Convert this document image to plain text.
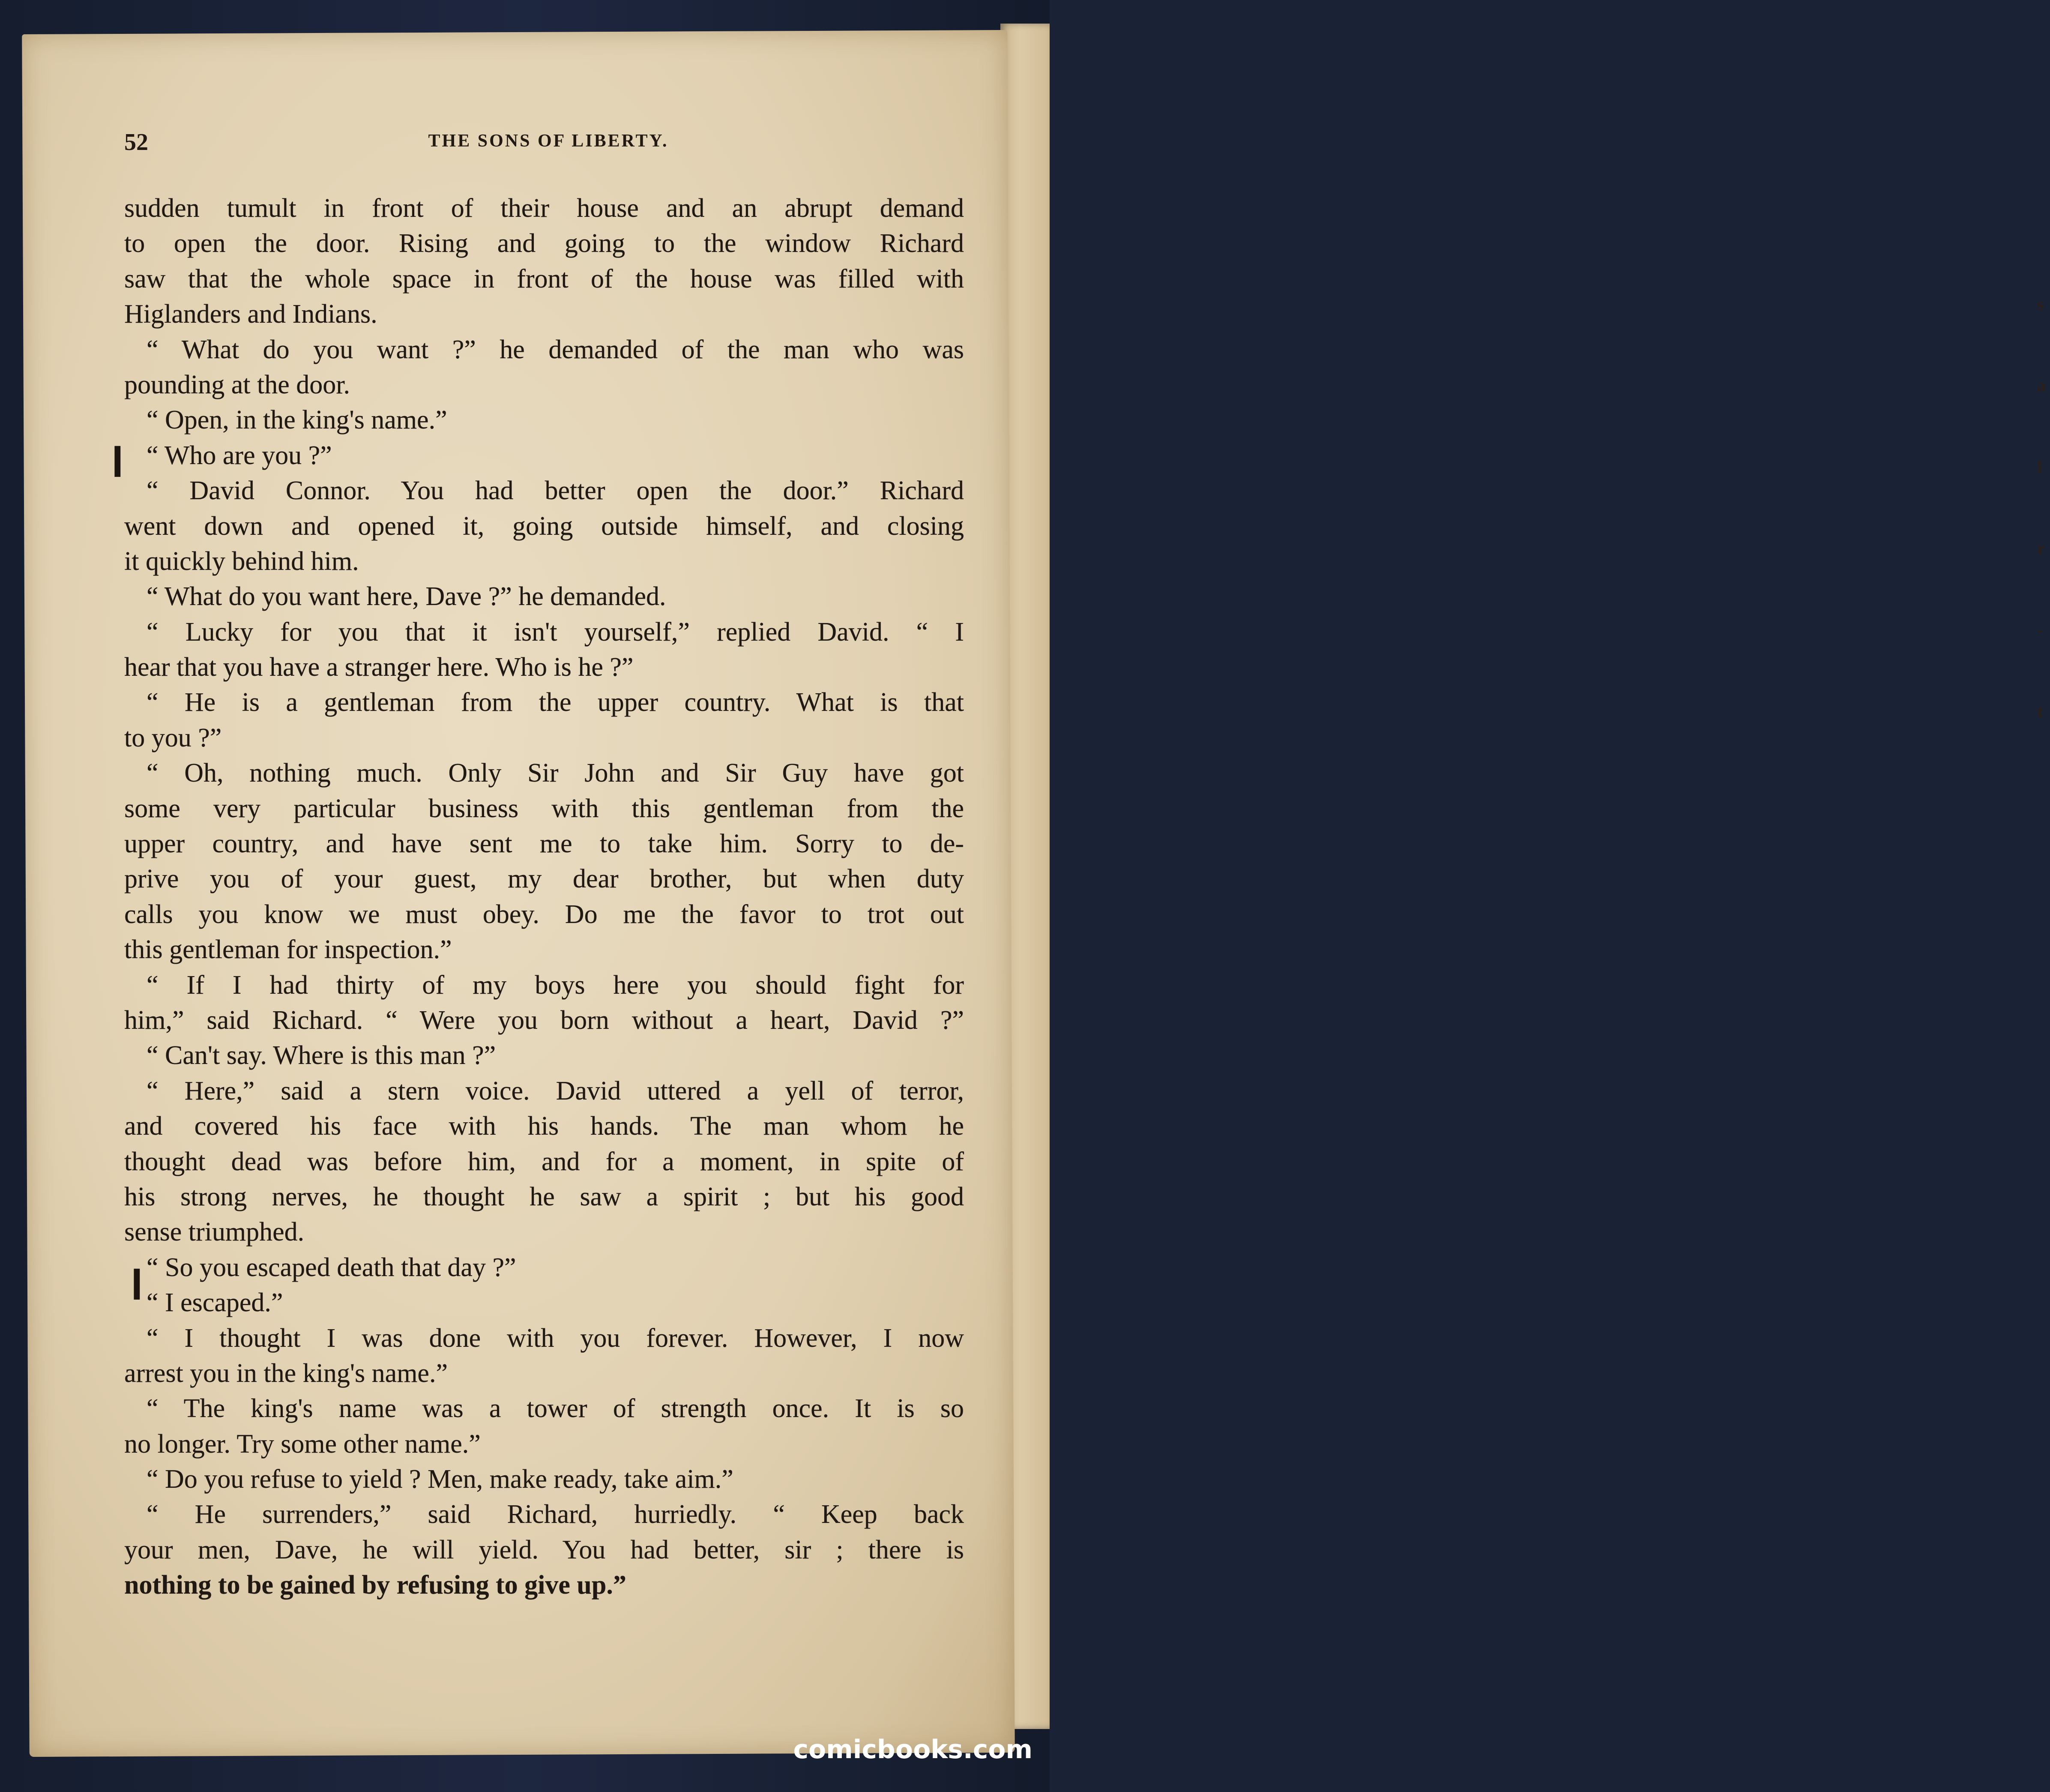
s
a
l
r
-
t
52	THE SONS OF LIBERTY.
❙
❙
sudden tumult in front of their house and an abrupt demand
to open the door. Rising and going to the window Richard
saw that the whole space in front of the house was filled with
Higlanders and Indians.
“ What do you want ?” he demanded of the man who was
pounding at the door.
“ Open, in the king's name.”
“ Who are you ?”
“ David Connor. You had better open the door.” Richard
went down and opened it, going outside himself, and closing
it quickly behind him.
“ What do you want here, Dave ?” he demanded.
“ Lucky for you that it isn't yourself,” replied David. “ I
hear that you have a stranger here. Who is he ?”
“ He is a gentleman from the upper country. What is that
to you ?”
“ Oh, nothing much. Only Sir John and Sir Guy have got
some very particular business with this gentleman from the
upper country, and have sent me to take him. Sorry to de-
prive you of your guest, my dear brother, but when duty
calls you know we must obey. Do me the favor to trot out
this gentleman for inspection.”
“ If I had thirty of my boys here you should fight for
him,” said Richard. “ Were you born without a heart, David ?”
“ Can't say. Where is this man ?”
“ Here,” said a stern voice. David uttered a yell of terror,
and covered his face with his hands. The man whom he
thought dead was before him, and for a moment, in spite of
his strong nerves, he thought he saw a spirit ; but his good
sense triumphed.
“ So you escaped death that day ?”
“ I escaped.”
“ I thought I was done with you forever. However, I now
arrest you in the king's name.”
“ The king's name was a tower of strength once. It is so
no longer. Try some other name.”
“ Do you refuse to yield ? Men, make ready, take aim.”
“ He surrenders,” said Richard, hurriedly. “ Keep back
your men, Dave, he will yield. You had better, sir ; there is
nothing to be gained by refusing to give up.”
comicbooks.com
